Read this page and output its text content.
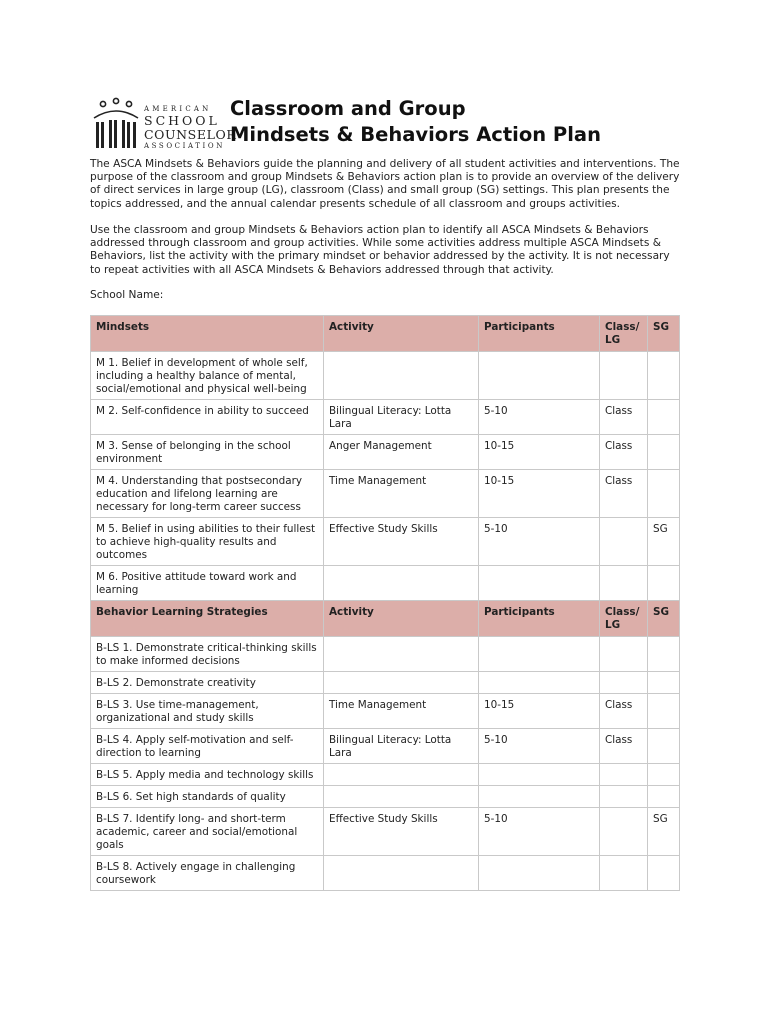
AMERICAN
SCHOOL
COUNSELOR
ASSOCIATION
Classroom and Group
Mindsets & Behaviors Action Plan
The ASCA Mindsets & Behaviors guide the planning and delivery of all student activities and interventions. The purpose of the classroom and group Mindsets & Behaviors action plan is to provide an overview of the delivery of direct services in large group (LG), classroom (Class) and small group (SG) settings. This plan presents the topics addressed, and the annual calendar presents schedule of all classroom and groups activities.
Use the classroom and group Mindsets & Behaviors action plan to identify all ASCA Mindsets & Behaviors addressed through classroom and group activities. While some activities address multiple ASCA Mindsets & Behaviors, list the activity with the primary mindset or behavior addressed by the activity. It is not necessary to repeat activities with all ASCA Mindsets & Behaviors addressed through that activity.
School Name:
Mindsets	Activity	Participants	Class/ LG	SG
M 1. Belief in development of whole self, including a healthy balance of mental, social/emotional and physical well-being				
M 2. Self-confidence in ability to succeed	Bilingual Literacy: Lotta Lara	5-10	Class	
M 3. Sense of belonging in the school environment	Anger Management	10-15	Class	
M 4. Understanding that postsecondary education and lifelong learning are necessary for long-term career success	Time Management	10-15	Class	
M 5. Belief in using abilities to their fullest to achieve high-quality results and outcomes	Effective Study Skills	5-10		SG
M 6. Positive attitude toward work and learning				
Behavior Learning Strategies	Activity	Participants	Class/ LG	SG
B-LS 1. Demonstrate critical-thinking skills to make informed decisions				
B-LS 2. Demonstrate creativity				
B-LS 3. Use time-management, organizational and study skills	Time Management	10-15	Class	
B-LS 4. Apply self-motivation and self-direction to learning	Bilingual Literacy: Lotta Lara	5-10	Class	
B-LS 5. Apply media and technology skills				
B-LS 6. Set high standards of quality				
B-LS 7. Identify long- and short-term academic, career and social/emotional goals	Effective Study Skills	5-10		SG
B-LS 8. Actively engage in challenging coursework				
